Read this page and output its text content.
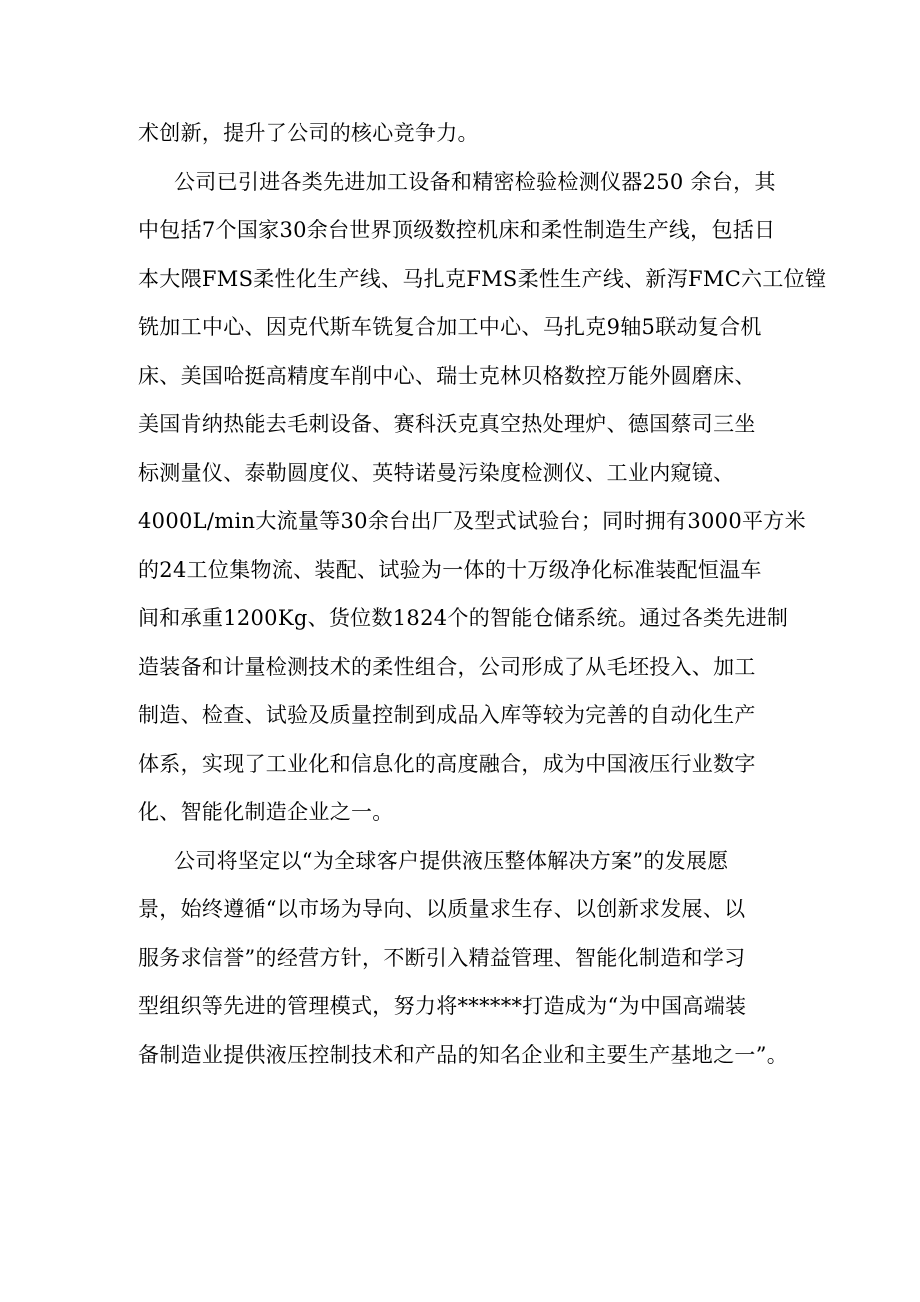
术创新，提升了公司的核心竞争力。
公司已引进各类先进加工设备和精密检验检测仪器250 余台，其
中包括7个国家30余台世界顶级数控机床和柔性制造生产线，包括日
本大隈FMS柔性化生产线、马扎克FMS柔性生产线、新泻FMC六工位镗
铣加工中心、因克代斯车铣复合加工中心、马扎克9轴5联动复合机
床、美国哈挺高精度车削中心、瑞士克林贝格数控万能外圆磨床、
美国肯纳热能去毛刺设备、赛科沃克真空热处理炉、德国蔡司三坐
标测量仪、泰勒圆度仪、英特诺曼污染度检测仪、工业内窥镜、
4000L/min大流量等30余台出厂及型式试验台；同时拥有3000平方米
的24工位集物流、装配、试验为一体的十万级净化标准装配恒温车
间和承重1200Kg、货位数1824个的智能仓储系统。通过各类先进制
造装备和计量检测技术的柔性组合，公司形成了从毛坯投入、加工
制造、检查、试验及质量控制到成品入库等较为完善的自动化生产
体系，实现了工业化和信息化的高度融合，成为中国液压行业数字
化、智能化制造企业之一。
公司将坚定以“为全球客户提供液压整体解决方案”的发展愿
景，始终遵循“以市场为导向、以质量求生存、以创新求发展、以
服务求信誉”的经营方针，不断引入精益管理、智能化制造和学习
型组织等先进的管理模式，努力将******打造成为“为中国高端装
备制造业提供液压控制技术和产品的知名企业和主要生产基地之一”。
